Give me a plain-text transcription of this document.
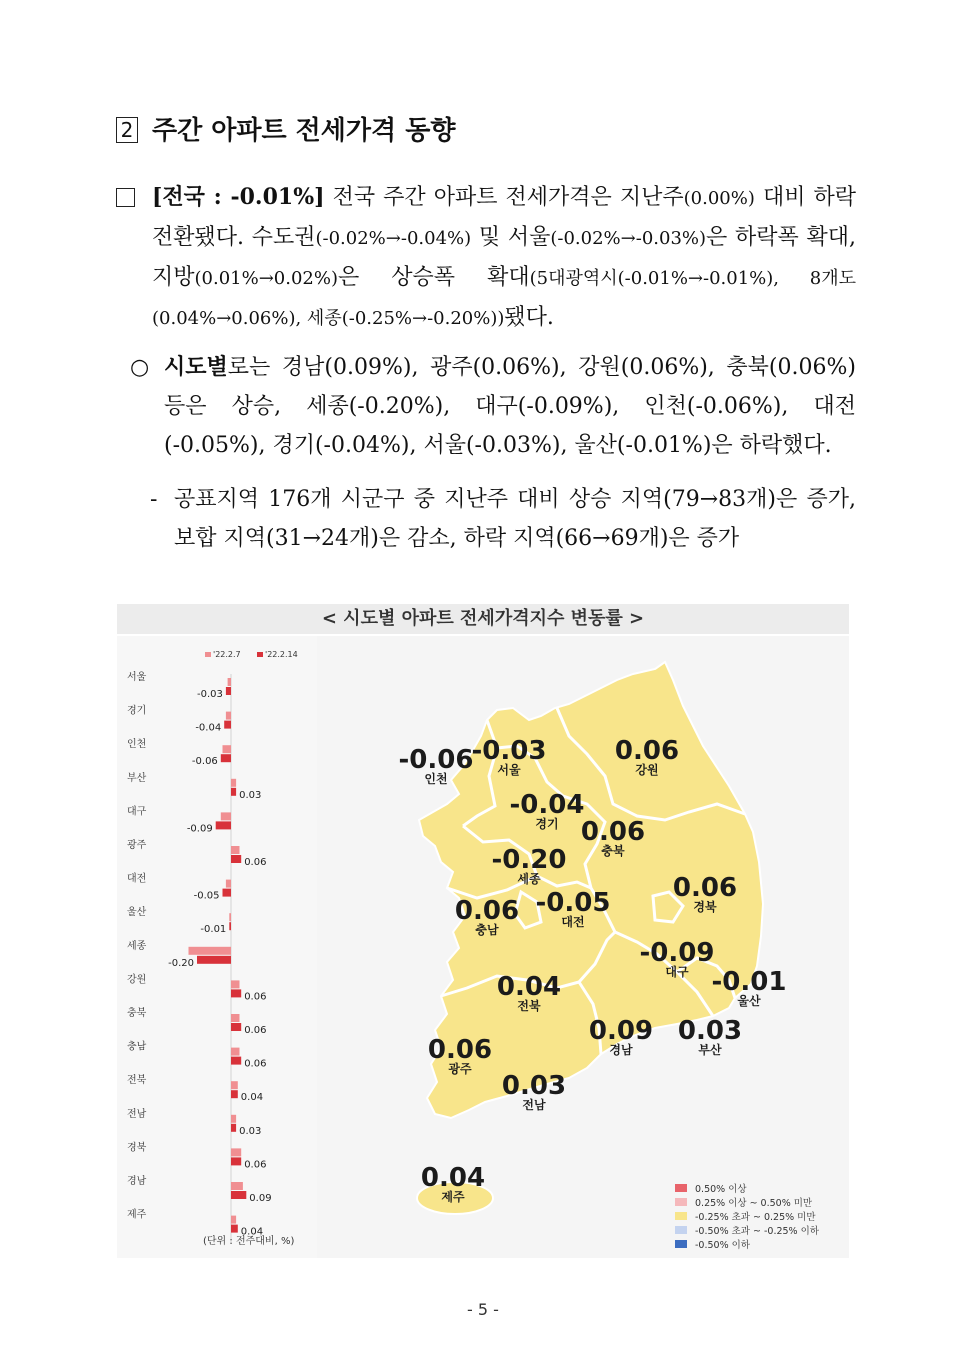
2 주간 아파트 전세가격 동향
[전국 : -0.01%] 전국 주간 아파트 전세가격은 지난주(0.00%) 대비 하락 전환됐다. 수도권(-0.02%→-0.04%) 및 서울(-0.02%→-0.03%)은 하락폭 확대, 지방(0.01%→0.02%)은 상승폭 확대(5대광역시(-0.01%→-0.01%), 8개도(0.04%→0.06%), 세종(-0.25%→-0.20%))됐다.
○ 시도별로는 경남(0.09%), 광주(0.06%), 강원(0.06%), 충북(0.06%) 등은 상승, 세종(-0.20%), 대구(-0.09%), 인천(-0.06%), 대전(-0.05%), 경기(-0.04%), 서울(-0.03%), 울산(-0.01%)은 하락했다.
- 공표지역 176개 시군구 중 지난주 대비 상승 지역(79→83개)은 증가, 보합 지역(31→24개)은 감소, 하락 지역(66→69개)은 증가
< 시도별 아파트 전세가격지수 변동률 >
'22.2.7	'22.2.14
서울
-0.03
경기
-0.04
인천
-0.06
부산
0.03
대구
-0.09
광주
0.06
대전
-0.05
울산
-0.01
세종
-0.20
강원
0.06
충북
0.06
충남
0.06
전북
0.04
전남
0.03
경북
0.06
경남
0.09
제주
0.04
(단위 : 전주대비, %)
-0.06
인천
-0.03
서울
0.06
강원
-0.04
경기 0.06
충북
-0.20
세종	0.06
경북
0.06
충남
-0.05
대전
-0.09
대구 -0.01
울산
0.04
전북
0.09
경남
0.03
부산
0.06
광주
0.03
전남
0.04
제주
0.50% 이상
0.25% 이상 ~ 0.50% 미만
-0.25% 초과 ~ 0.25% 미만
-0.50% 초과 ~ -0.25% 이하
-0.50% 이하
- 5 -
